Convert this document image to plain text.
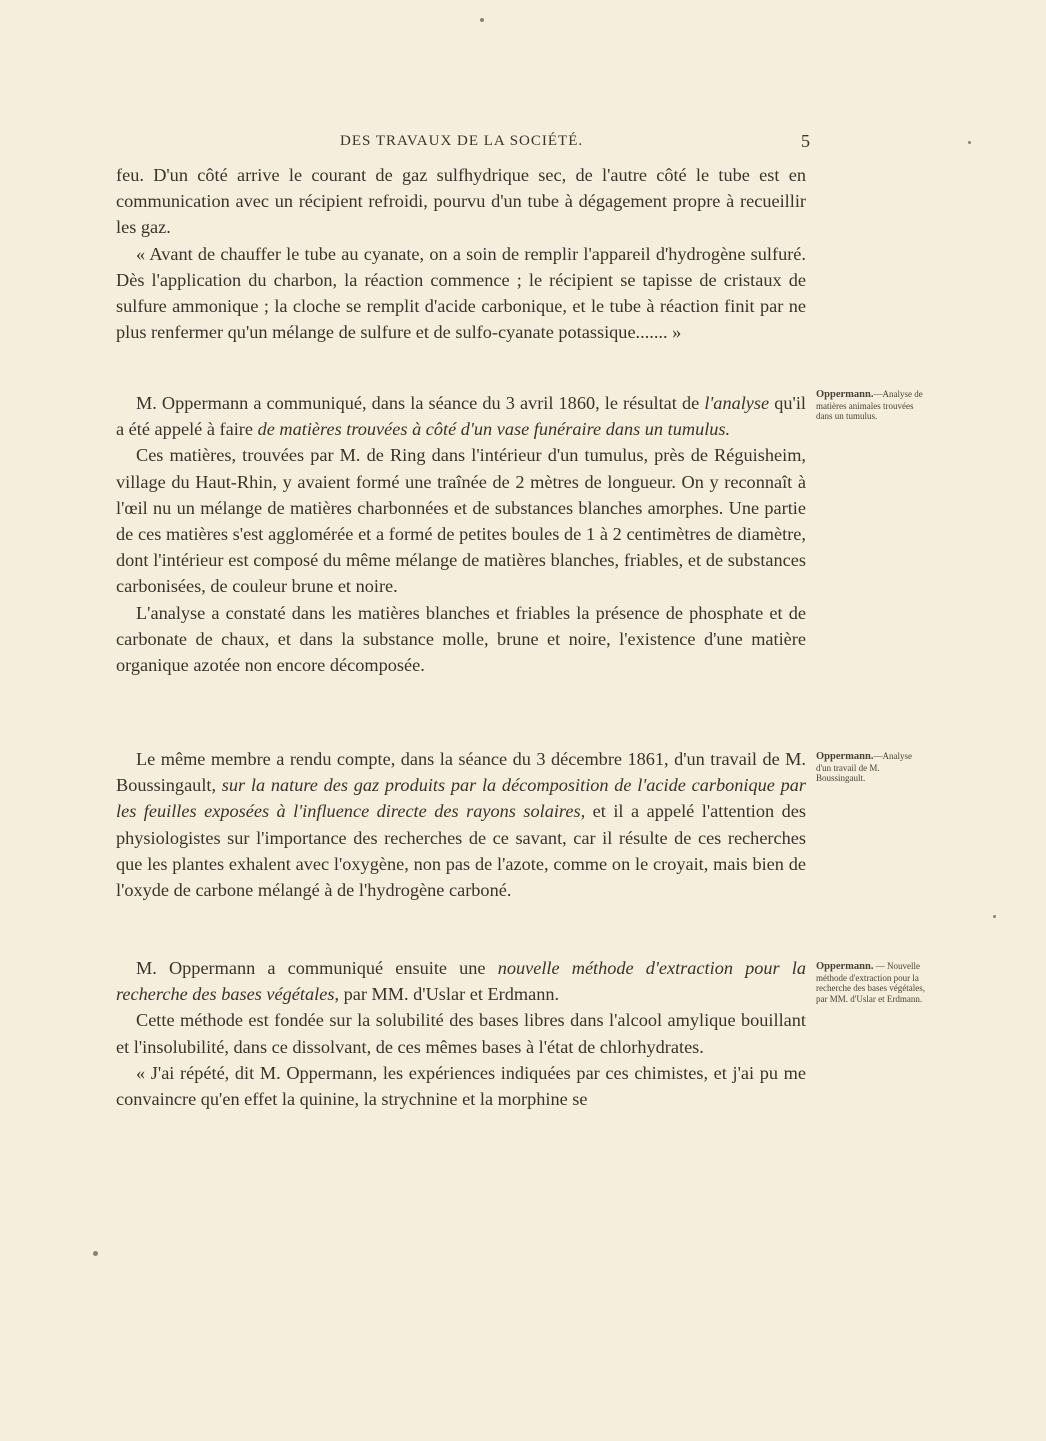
DES TRAVAUX DE LA SOCIÉTÉ.	5

feu. D'un côté arrive le courant de gaz sulfhydrique sec, de l'autre côté le tube est en communication avec un récipient refroidi, pourvu d'un tube à dégagement propre à recueillir les gaz.

« Avant de chauffer le tube au cyanate, on a soin de remplir l'appareil d'hydrogène sulfuré. Dès l'application du charbon, la réaction commence ; le récipient se tapisse de cristaux de sulfure ammonique ; la cloche se remplit d'acide carbonique, et le tube à réaction finit par ne plus renfermer qu'un mélange de sulfure et de sulfo-cyanate potassique....... »

M. Oppermann a communiqué, dans la séance du 3 avril 1860, le résultat de l'analyse qu'il a été appelé à faire de matières trouvées à côté d'un vase funéraire dans un tumulus.

Ces matières, trouvées par M. de Ring dans l'intérieur d'un tumulus, près de Réguisheim, village du Haut-Rhin, y avaient formé une traînée de 2 mètres de longueur. On y reconnaît à l'œil nu un mélange de matières charbonnées et de substances blanches amorphes. Une partie de ces matières s'est agglomérée et a formé de petites boules de 1 à 2 centimètres de diamètre, dont l'intérieur est composé du même mélange de matières blanches, friables, et de substances carbonisées, de couleur brune et noire.

L'analyse a constaté dans les matières blanches et friables la présence de phosphate et de carbonate de chaux, et dans la substance molle, brune et noire, l'existence d'une matière organique azotée non encore décomposée.

Le même membre a rendu compte, dans la séance du 3 décembre 1861, d'un travail de M. Boussingault, sur la nature des gaz produits par la décomposition de l'acide carbonique par les feuilles exposées à l'influence directe des rayons solaires, et il a appelé l'attention des physiologistes sur l'importance des recherches de ce savant, car il résulte de ces recherches que les plantes exhalent avec l'oxygène, non pas de l'azote, comme on le croyait, mais bien de l'oxyde de carbone mélangé à de l'hydrogène carboné.

M. Oppermann a communiqué ensuite une nouvelle méthode d'extraction pour la recherche des bases végétales, par MM. d'Uslar et Erdmann.

Cette méthode est fondée sur la solubilité des bases libres dans l'alcool amylique bouillant et l'insolubilité, dans ce dissolvant, de ces mêmes bases à l'état de chlorhydrates.

« J'ai répété, dit M. Oppermann, les expériences indiquées par ces chimistes, et j'ai pu me convaincre qu'en effet la quinine, la strychnine et la morphine se

Oppermann.—Analyse de matières animales trouvées dans un tumulus.
Oppermann.—Analyse d'un travail de M. Boussingault.
Oppermann. — Nouvelle méthode d'extraction pour la recherche des bases végétales, par MM. d'Uslar et Erdmann.
